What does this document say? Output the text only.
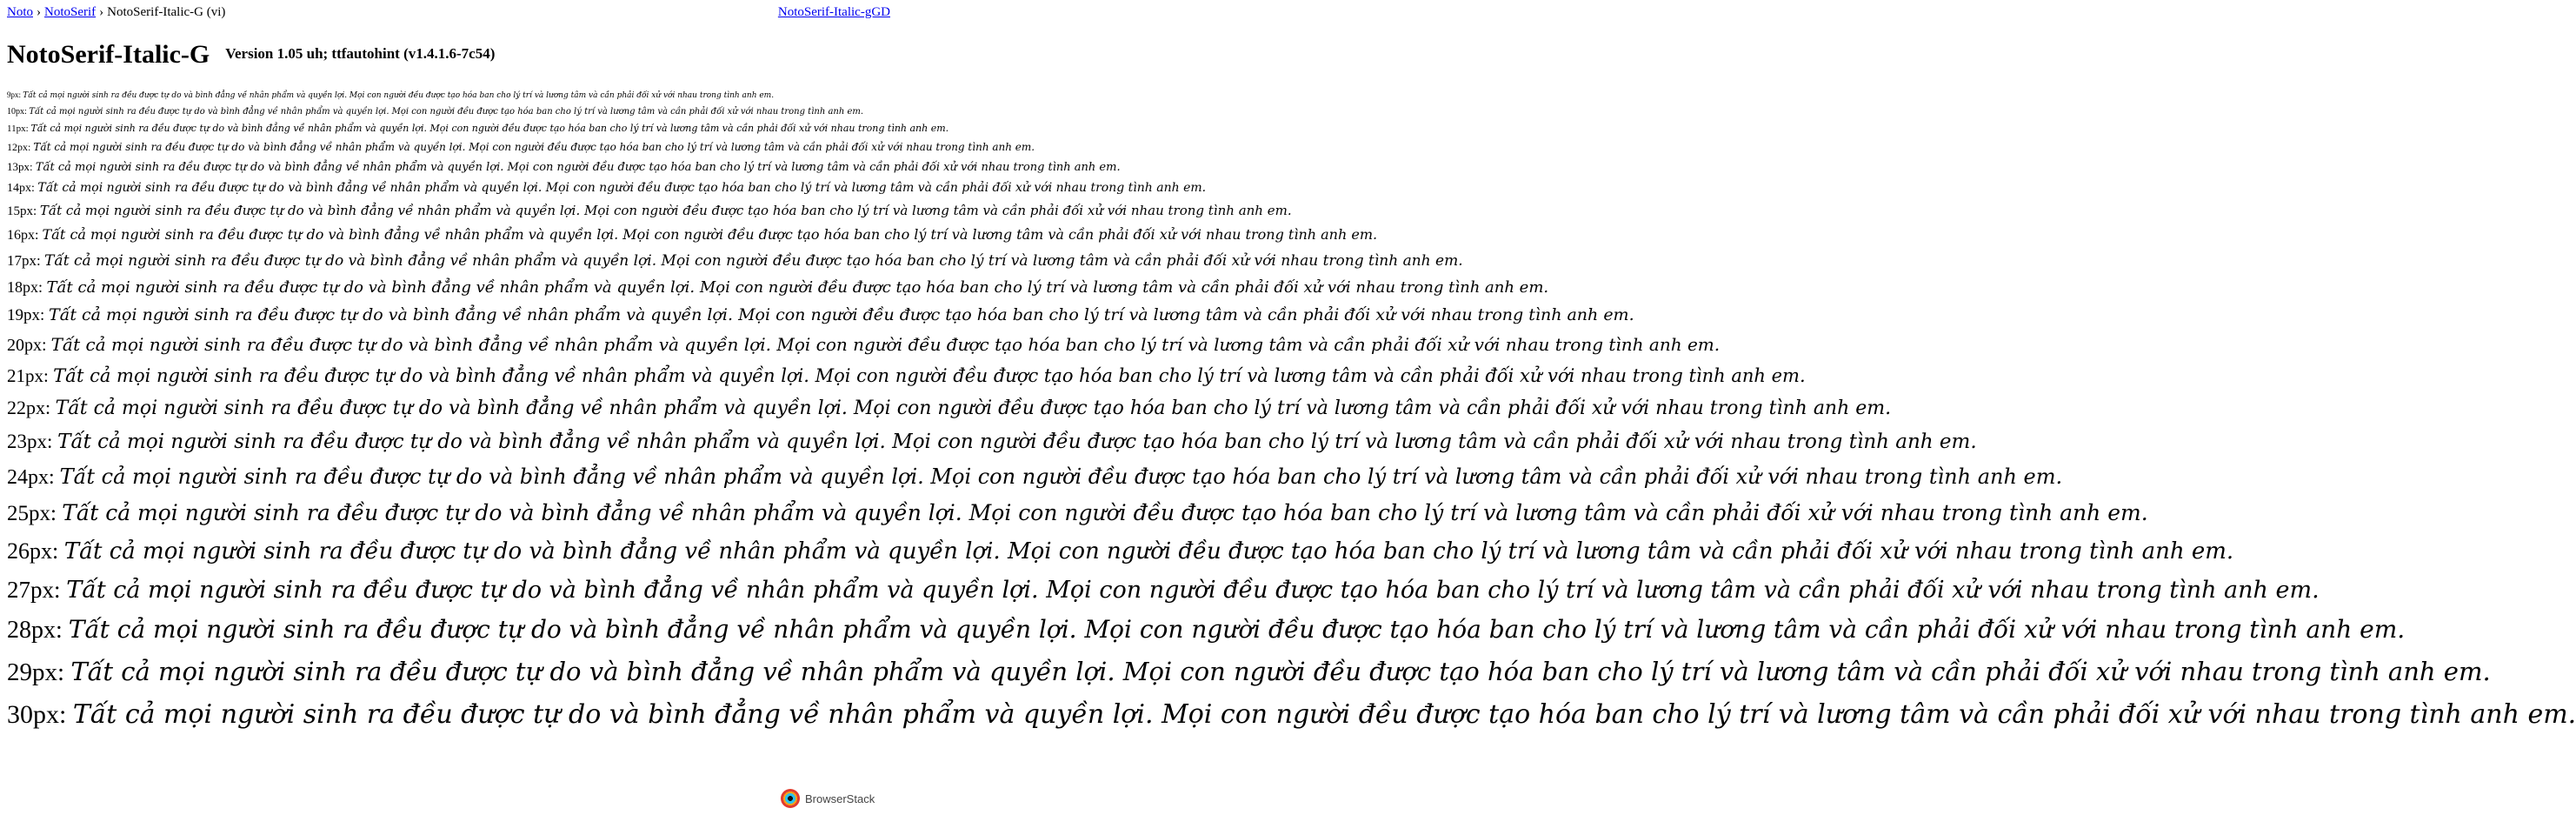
Noto › NotoSerif › NotoSerif-Italic-G (vi)	NotoSerif-Italic-gGD
NotoSerif-Italic-G Version 1.05 uh; ttfautohint (v1.4.1.6-7c54)
9px: Tất cả mọi người sinh ra đều được tự do và bình đẳng về nhân phẩm và quyền lợi. Mọi con người đều được tạo hóa ban cho lý trí và lương tâm và cần phải đối xử với nhau trong tình anh em.
10px: Tất cả mọi người sinh ra đều được tự do và bình đẳng về nhân phẩm và quyền lợi. Mọi con người đều được tạo hóa ban cho lý trí và lương tâm và cần phải đối xử với nhau trong tình anh em.
11px: Tất cả mọi người sinh ra đều được tự do và bình đẳng về nhân phẩm và quyền lợi. Mọi con người đều được tạo hóa ban cho lý trí và lương tâm và cần phải đối xử với nhau trong tình anh em.
12px: Tất cả mọi người sinh ra đều được tự do và bình đẳng về nhân phẩm và quyền lợi. Mọi con người đều được tạo hóa ban cho lý trí và lương tâm và cần phải đối xử với nhau trong tình anh em.
13px: Tất cả mọi người sinh ra đều được tự do và bình đẳng về nhân phẩm và quyền lợi. Mọi con người đều được tạo hóa ban cho lý trí và lương tâm và cần phải đối xử với nhau trong tình anh em.
14px: Tất cả mọi người sinh ra đều được tự do và bình đẳng về nhân phẩm và quyền lợi. Mọi con người đều được tạo hóa ban cho lý trí và lương tâm và cần phải đối xử với nhau trong tình anh em.
15px: Tất cả mọi người sinh ra đều được tự do và bình đẳng về nhân phẩm và quyền lợi. Mọi con người đều được tạo hóa ban cho lý trí và lương tâm và cần phải đối xử với nhau trong tình anh em.
16px: Tất cả mọi người sinh ra đều được tự do và bình đẳng về nhân phẩm và quyền lợi. Mọi con người đều được tạo hóa ban cho lý trí và lương tâm và cần phải đối xử với nhau trong tình anh em.
17px: Tất cả mọi người sinh ra đều được tự do và bình đẳng về nhân phẩm và quyền lợi. Mọi con người đều được tạo hóa ban cho lý trí và lương tâm và cần phải đối xử với nhau trong tình anh em.
18px: Tất cả mọi người sinh ra đều được tự do và bình đẳng về nhân phẩm và quyền lợi. Mọi con người đều được tạo hóa ban cho lý trí và lương tâm và cần phải đối xử với nhau trong tình anh em.
19px: Tất cả mọi người sinh ra đều được tự do và bình đẳng về nhân phẩm và quyền lợi. Mọi con người đều được tạo hóa ban cho lý trí và lương tâm và cần phải đối xử với nhau trong tình anh em.
20px: Tất cả mọi người sinh ra đều được tự do và bình đẳng về nhân phẩm và quyền lợi. Mọi con người đều được tạo hóa ban cho lý trí và lương tâm và cần phải đối xử với nhau trong tình anh em.
21px: Tất cả mọi người sinh ra đều được tự do và bình đẳng về nhân phẩm và quyền lợi. Mọi con người đều được tạo hóa ban cho lý trí và lương tâm và cần phải đối xử với nhau trong tình anh em.
22px: Tất cả mọi người sinh ra đều được tự do và bình đẳng về nhân phẩm và quyền lợi. Mọi con người đều được tạo hóa ban cho lý trí và lương tâm và cần phải đối xử với nhau trong tình anh em.
23px: Tất cả mọi người sinh ra đều được tự do và bình đẳng về nhân phẩm và quyền lợi. Mọi con người đều được tạo hóa ban cho lý trí và lương tâm và cần phải đối xử với nhau trong tình anh em.
24px: Tất cả mọi người sinh ra đều được tự do và bình đẳng về nhân phẩm và quyền lợi. Mọi con người đều được tạo hóa ban cho lý trí và lương tâm và cần phải đối xử với nhau trong tình anh em.
25px: Tất cả mọi người sinh ra đều được tự do và bình đẳng về nhân phẩm và quyền lợi. Mọi con người đều được tạo hóa ban cho lý trí và lương tâm và cần phải đối xử với nhau trong tình anh em.
26px: Tất cả mọi người sinh ra đều được tự do và bình đẳng về nhân phẩm và quyền lợi. Mọi con người đều được tạo hóa ban cho lý trí và lương tâm và cần phải đối xử với nhau trong tình anh em.
27px: Tất cả mọi người sinh ra đều được tự do và bình đẳng về nhân phẩm và quyền lợi. Mọi con người đều được tạo hóa ban cho lý trí và lương tâm và cần phải đối xử với nhau trong tình anh em.
28px: Tất cả mọi người sinh ra đều được tự do và bình đẳng về nhân phẩm và quyền lợi. Mọi con người đều được tạo hóa ban cho lý trí và lương tâm và cần phải đối xử với nhau trong tình anh em.
29px: Tất cả mọi người sinh ra đều được tự do và bình đẳng về nhân phẩm và quyền lợi. Mọi con người đều được tạo hóa ban cho lý trí và lương tâm và cần phải đối xử với nhau trong tình anh em.
30px: Tất cả mọi người sinh ra đều được tự do và bình đẳng về nhân phẩm và quyền lợi. Mọi con người đều được tạo hóa ban cho lý trí và lương tâm và cần phải đối xử với nhau trong tình anh em.
BrowserStack
